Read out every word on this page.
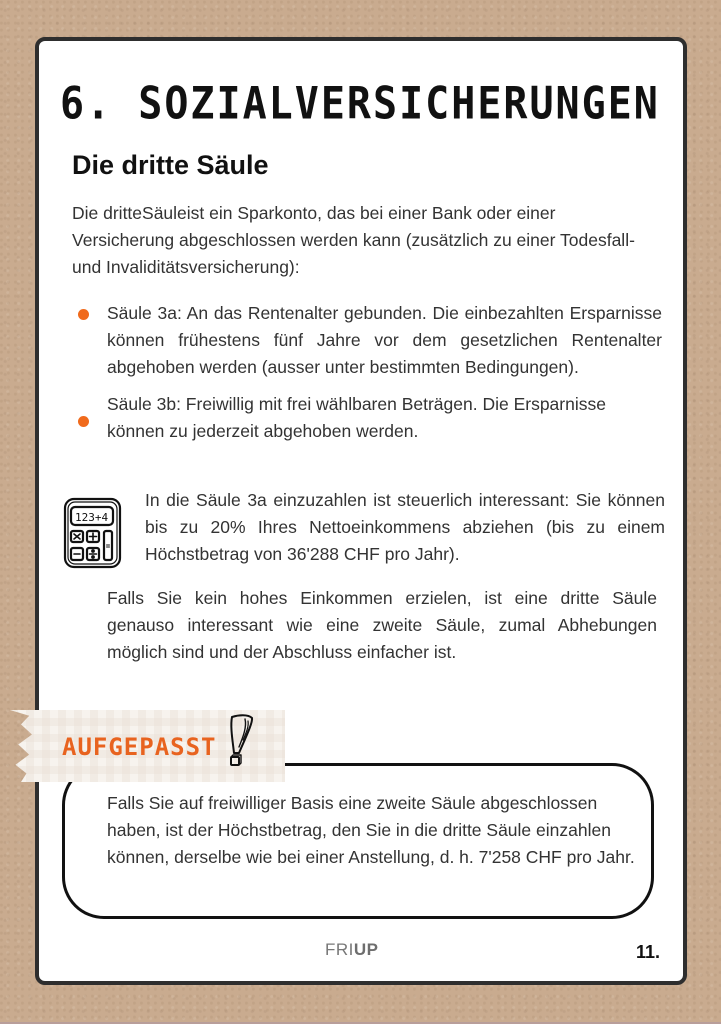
6. SOZIALVERSICHERUNGEN
Die dritte Säule

Die dritteSäuleist ein Sparkonto, das bei einer Bank oder einer Versicherung abgeschlossen werden kann (zusätzlich zu einer Todesfall- und Invaliditätsversicherung):

Säule 3a: An das Rentenalter gebunden. Die einbezahlten Ersparnisse können frühestens fünf Jahre vor dem gesetzlichen Rentenalter abgehoben werden (ausser unter bestimmten Bedingungen).
Säule 3b: Freiwillig mit frei wählbaren Beträgen. Die Ersparnisse können zu jederzeit abgehoben werden.
123+4

In die Säule 3a einzuzahlen ist steuerlich interessant: Sie können bis zu 20% Ihres Nettoeinkommens abziehen (bis zu einem Höchstbetrag von 36'288 CHF pro Jahr).

Falls Sie kein hohes Einkommen erzielen, ist eine dritte Säule genauso interessant wie eine zweite Säule, zumal Abhebungen möglich sind und der Abschluss einfacher ist.

AUFGEPASST

Falls Sie auf freiwilliger Basis eine zweite Säule abgeschlossen haben, ist der Höchstbetrag, den Sie in die dritte Säule einzahlen können, derselbe wie bei einer Anstellung, d. h. 7'258 CHF pro Jahr.

FRIUP	11.
